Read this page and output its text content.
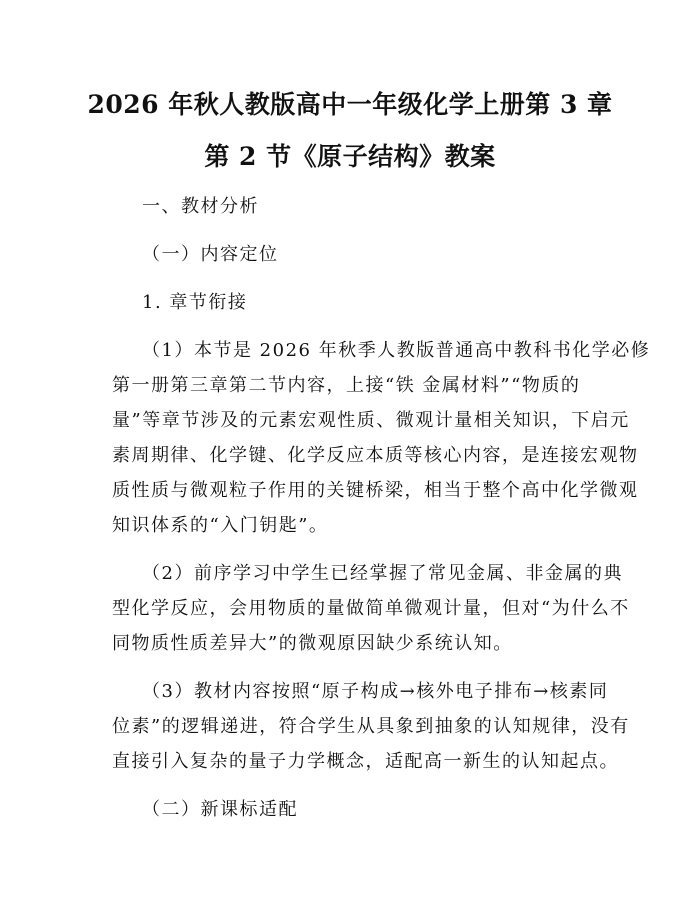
2026 年秋人教版高中一年级化学上册第 3 章
第 2 节《原子结构》教案
一、教材分析
（一）内容定位
1. 章节衔接
（1）本节是 2026 年秋季人教版普通高中教科书化学必修
第一册第三章第二节内容，上接“铁 金属材料”“物质的
量”等章节涉及的元素宏观性质、微观计量相关知识，下启元
素周期律、化学键、化学反应本质等核心内容，是连接宏观物
质性质与微观粒子作用的关键桥梁，相当于整个高中化学微观
知识体系的“入门钥匙”。
（2）前序学习中学生已经掌握了常见金属、非金属的典
型化学反应，会用物质的量做简单微观计量，但对“为什么不
同物质性质差异大”的微观原因缺少系统认知。
（3）教材内容按照“原子构成→核外电子排布→核素同
位素”的逻辑递进，符合学生从具象到抽象的认知规律，没有
直接引入复杂的量子力学概念，适配高一新生的认知起点。
（二）新课标适配
